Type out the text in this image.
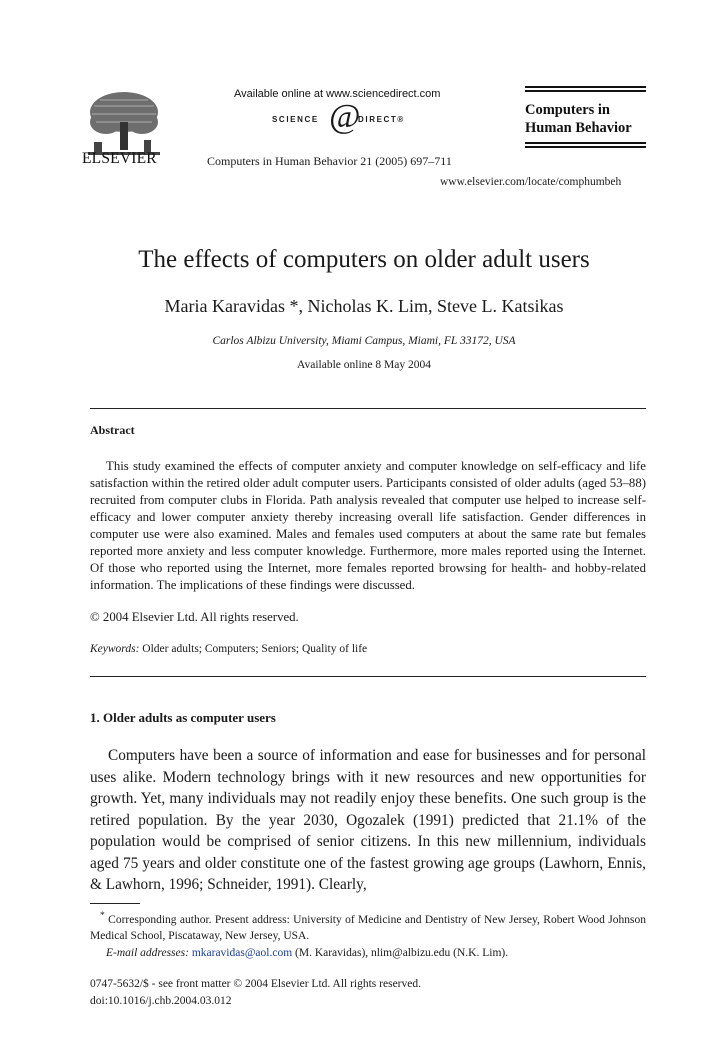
ELSEVIER
Available online at www.sciencedirect.com
SCIENCE @
DIRECT®
Computers in Human Behavior 21 (2005) 697–711
Computers in
Human Behavior
www.elsevier.com/locate/comphumbeh
The effects of computers on older adult users
Maria Karavidas *, Nicholas K. Lim, Steve L. Katsikas
Carlos Albizu University, Miami Campus, Miami, FL 33172, USA
Available online 8 May 2004
Abstract
This study examined the effects of computer anxiety and computer knowledge on self-efficacy and life satisfaction within the retired older adult computer users. Participants consisted of older adults (aged 53–88) recruited from computer clubs in Florida. Path analysis revealed that computer use helped to increase self-efficacy and lower computer anxiety thereby increasing overall life satisfaction. Gender differences in computer use were also examined. Males and females used computers at about the same rate but females reported more anxiety and less computer knowledge. Furthermore, more males reported using the Internet. Of those who reported using the Internet, more females reported browsing for health- and hobby-related information. The implications of these findings were discussed.
© 2004 Elsevier Ltd. All rights reserved.
Keywords: Older adults; Computers; Seniors; Quality of life
1. Older adults as computer users
Computers have been a source of information and ease for businesses and for personal uses alike. Modern technology brings with it new resources and new opportunities for growth. Yet, many individuals may not readily enjoy these benefits. One such group is the retired population. By the year 2030, Ogozalek (1991) predicted that 21.1% of the population would be comprised of senior citizens. In this new millennium, individuals aged 75 years and older constitute one of the fastest growing age groups (Lawhorn, Ennis, & Lawhorn, 1996; Schneider, 1991). Clearly,
* Corresponding author. Present address: University of Medicine and Dentistry of New Jersey, Robert Wood Johnson Medical School, Piscataway, New Jersey, USA.
E-mail addresses: mkaravidas@aol.com (M. Karavidas), nlim@albizu.edu (N.K. Lim).
0747-5632/$ - see front matter © 2004 Elsevier Ltd. All rights reserved.
doi:10.1016/j.chb.2004.03.012
